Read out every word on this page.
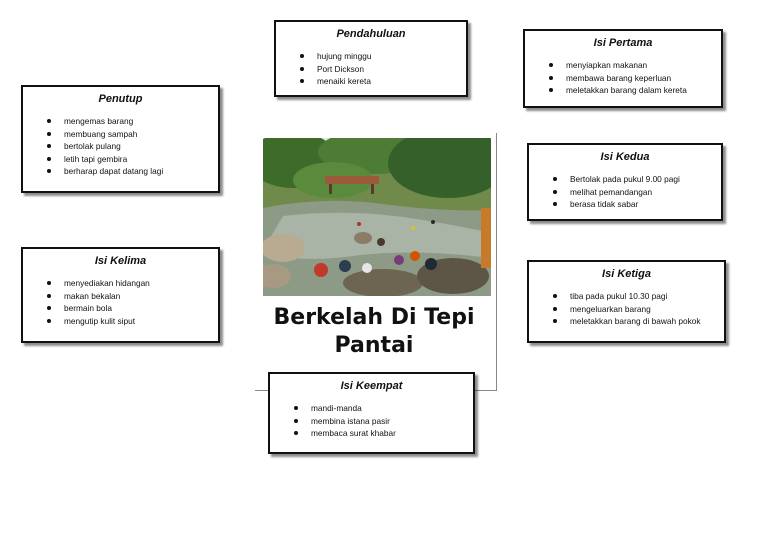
Berkelah Di Tepi Pantai
Pendahuluan
hujung minggu
Port Dickson
menaiki kereta
Isi Pertama
menyiapkan makanan
membawa barang keperluan
meletakkan barang dalam kereta
Penutup
mengemas barang
membuang sampah
bertolak pulang
letih tapi gembira
berharap dapat datang lagi
Isi Kedua
Bertolak pada pukul 9.00 pagi
melihat pemandangan
berasa tidak sabar
Isi Kelima
menyediakan hidangan
makan bekalan
bermain bola
mengutip kulit siput
Isi Ketiga
tiba pada pukul 10.30 pagi
mengeluarkan barang
meletakkan barang di bawah pokok
Isi Keempat
mandi-manda
membina istana pasir
membaca surat khabar
